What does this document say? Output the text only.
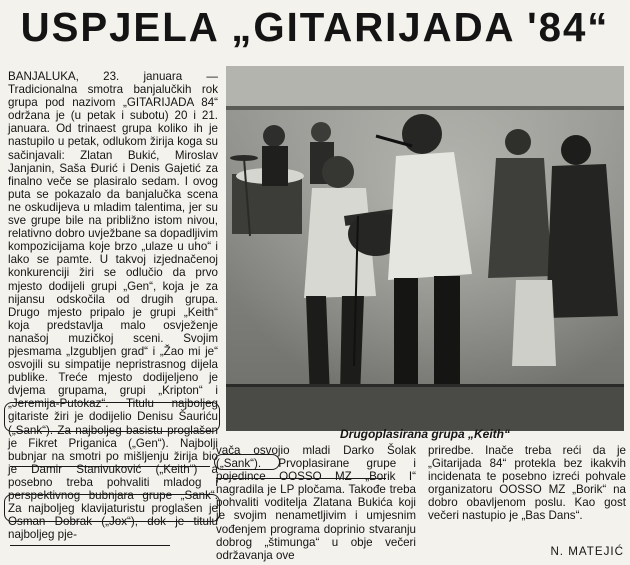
USPJELA „GITARIJADA '84“

BANJALUKA, 23. januara — Tradicionalna smotra banjalučkih rok grupa pod nazivom „GITARIJADA 84“ održana je (u petak i subotu) 20 i 21. januara. Od trinaest grupa koliko ih je nastupilo u petak, odlukom žirija koga su sačinjavali: Zlatan Bukić, Miroslav Janjanin, Saša Đurić i Denis Gajetić za finalno veče se plasiralo sedam. I ovog puta se pokazalo da banjalučka scena ne oskudijeva u mladim talentima, jer su sve grupe bile na približno istom nivou, relativno dobro uvježbane sa dopadljivim kompozicijama koje brzo „ulaze u uho“ i lako se pamte. U takvoj izjednačenoj konkurenciji žiri se odlučio da prvo mjesto dodijeli grupi „Gen“, koja je za nijansu odskočila od drugih grupa. Drugo mjesto pripalo je grupi „Keith“ koja predstavlja malo osvježenje nanašoj muzičkoj sceni. Svojim pjesmama „Izgubljen grad“ i „Žao mi je“ osvojili su simpatije nepristrasnog dijela publike. Treće mjesto dodijeljeno je dvjema grupama, grupi „Kripton“ i „Jeremija-Putokaz“. Titulu najboljeg gitariste žiri je dodijelio Denisu Šauriću („Sank“). Za najboljeg basistu proglašen je Fikret Priganica („Gen“). Najbolji bubnjar na smotri po mišljenju žirija bio je Damir Stanivuković („Keith“) a posebno treba pohvaliti mladog i perspektivnog bubnjara grupe „Sank“. Za najboljeg klavijaturistu proglašen je Osman Dobrak („Jox“), dok je titulu najboljeg pje-

Drugoplasirana grupa „Keith“

vača osvojio mladi Darko Šolak („Sank“). Prvoplasirane grupe i pojedince OOSSO MZ „Borik I“ nagradila je LP pločama. Takođe treba pohvaliti voditelja Zlatana Bukića koji je svojim nenametljivim i umjesnim vođenjem programa doprinio stvaranju dobrog „štimunga“ u obje večeri održavanja ove

priredbe. Inače treba reći da je „Gitarijada 84“ protekla bez ikakvih incidenata te posebno izreći pohvale organizatoru OOSSO MZ „Borik“ na dobro obavljenom poslu. Kao gost večeri nastupio je „Bas Dans“.

N. MATEJIĆ
